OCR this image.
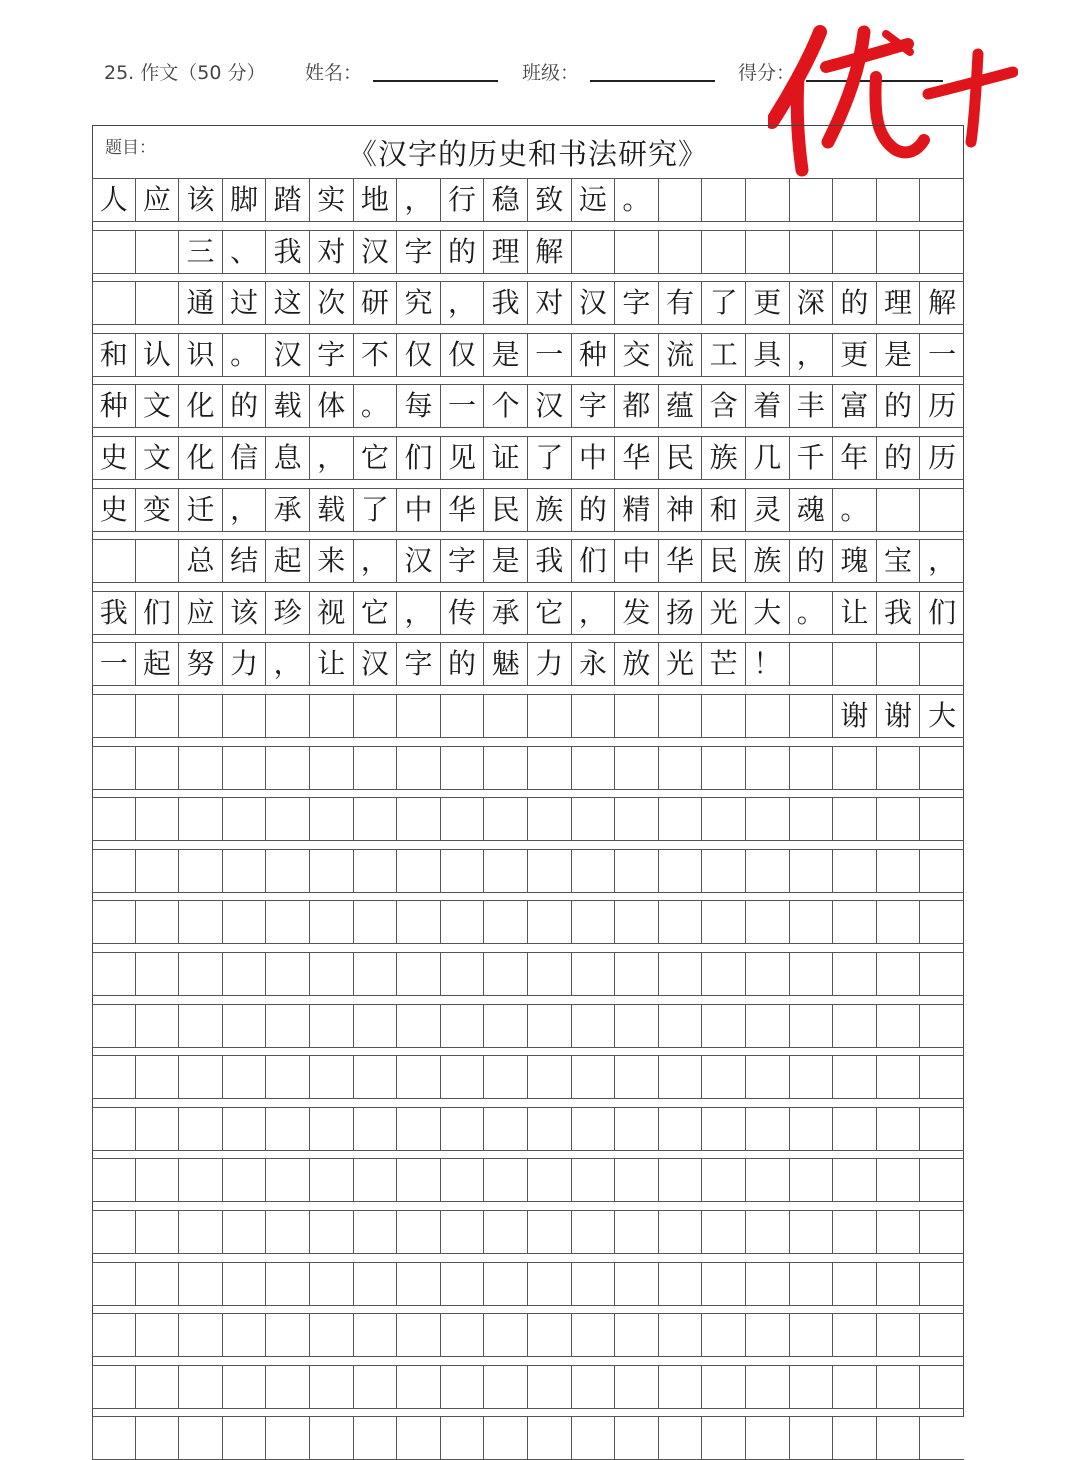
25. 作文（50 分） 姓名：	班级：	得分：
题目：	《汉字的历史和书法研究》
人 应 该 脚 踏 实 地 ， 行 稳 致 远 。
三 、 我 对 汉 字 的 理 解
通 过 这 次 研 究 ， 我 对 汉 字 有 了 更 深 的 理 解
和 认 识 。 汉 字 不 仅 仅 是 一 种 交 流 工 具 ， 更 是 一
种 文 化 的 载 体 。 每 一 个 汉 字 都 蕴 含 着 丰 富 的 历
史 文 化 信 息 ， 它 们 见 证 了 中 华 民 族 几 千 年 的 历
史 变 迁 ， 承 载 了 中 华 民 族 的 精 神 和 灵 魂 。
总 结 起 来 ， 汉 字 是 我 们 中 华 民 族 的 瑰 宝 ，
我 们 应 该 珍 视 它 ， 传 承 它 ， 发 扬 光 大 。 让 我 们
一 起 努 力 ， 让 汉 字 的 魅 力 永 放 光 芒 ！
谢 谢 大
